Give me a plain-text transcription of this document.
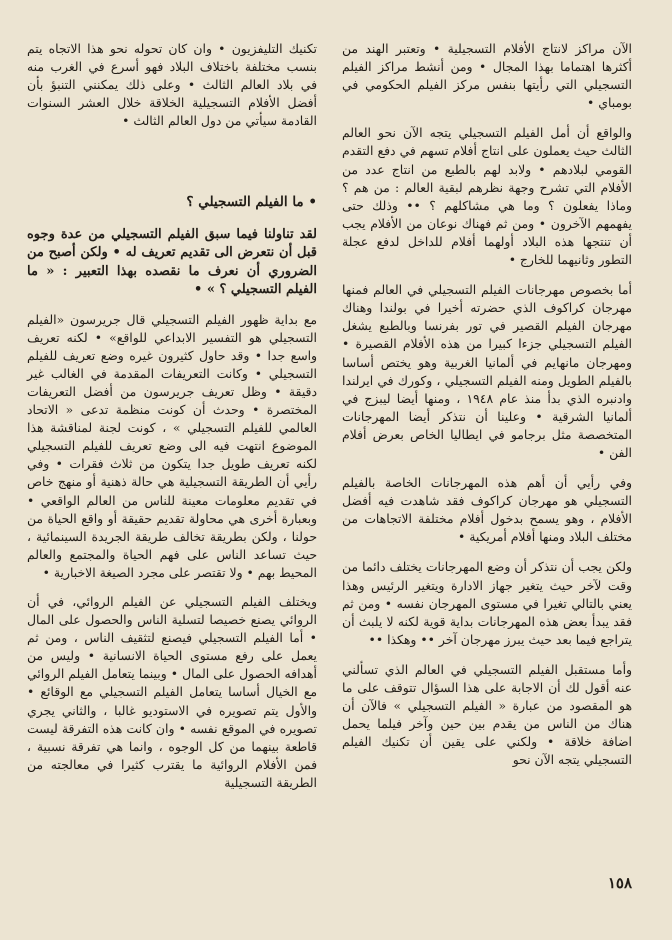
الآن مراكز لانتاج الأفلام التسجيلية • وتعتبر الهند من أكثرها اهتماما بهذا المجال • ومن أنشط مراكز الفيلم التسجيلي التي رأيتها بنفس مركز الفيلم الحكومي في بومباي •

والواقع أن أمل الفيلم التسجيلي يتجه الآن نحو العالم الثالث حيث يعملون على انتاج أفلام تسهم في دفع التقدم القومي لبلادهم • ولابد لهم بالطبع من انتاج عدد من الأفلام التي تشرح وجهة نظرهم لبقية العالم : من هم ؟ وماذا يفعلون ؟ وما هي مشاكلهم ؟ •• وذلك حتى يفهمهم الآخرون • ومن ثم فهناك نوعان من الأفلام يجب أن تنتجها هذه البلاد أولهما أفلام للداخل لدفع عجلة التطور وثانيهما للخارج •

أما بخصوص مهرجانات الفيلم التسجيلي في العالم فمنها مهرجان كراكوف الذي حضرته أخيرا في بولندا وهناك مهرجان الفيلم القصير في تور بفرنسا وبالطبع يشغل الفيلم التسجيلي جزءا كبيرا من هذه الأفلام القصيرة • ومهرجان مانهايم في ألمانيا الغربية وهو يختص أساسا بالفيلم الطويل ومنه الفيلم التسجيلي ، وكورك في ايرلندا وادنبره الذي بدأ منذ عام ١٩٤٨ ، ومنها أيضا ليبزج في ألمانيا الشرقية • وعلينا أن نتذكر أيضا المهرجانات المتخصصة مثل برجامو في ايطاليا الخاص بعرض أفلام الفن •

وفي رأيي أن أهم هذه المهرجانات الخاصة بالفيلم التسجيلي هو مهرجان كراكوف فقد شاهدت فيه أفضل الأفلام ، وهو يسمح بدخول أفلام مختلفة الاتجاهات من مختلف البلاد ومنها أفلام أمريكية •

ولكن يجب أن نتذكر أن وضع المهرجانات يختلف دائما من وقت لآخر حيث يتغير جهاز الادارة ويتغير الرئيس وهذا يعني بالتالي تغيرا في مستوى المهرجان نفسه • ومن ثم فقد يبدأ بعض هذه المهرجانات بداية قوية لكنه لا يلبث أن يتراجع فيما بعد حيث يبرز مهرجان آخر •• وهكذا ••

وأما مستقبل الفيلم التسجيلي في العالم الذي تسألني عنه أقول لك أن الاجابة على هذا السؤال تتوقف على ما هو المقصود من عبارة « الفيلم التسجيلي » فالآن أن هناك من الناس من يقدم بين حين وآخر فيلما يحمل اضافة خلاقة • ولكني على يقين أن تكنيك الفيلم التسجيلي يتجه الآن نحو

تكنيك التليفزيون • وان كان تحوله نحو هذا الاتجاه يتم بنسب مختلفة باختلاف البلاد فهو أسرع في الغرب منه في بلاد العالم الثالث • وعلى ذلك يمكنني التنبؤ بأن أفضل الأفلام التسجيلية الخلاقة خلال العشر السنوات القادمة سيأتي من دول العالم الثالث •

• ما الفيلم التسجيلي ؟

لقد تناولنا فيما سبق الفيلم التسجيلي من عدة وجوه قبل أن نتعرض الى تقديم تعريف له • ولكن أصبح من الضروري أن نعرف ما نقصده بهذا التعبير : « ما الفيلم التسجيلي ؟ » •

مع بداية ظهور الفيلم التسجيلي قال جريرسون «الفيلم التسجيلي هو التفسير الابداعي للواقع» • لكنه تعريف واسع جدا • وقد حاول كثيرون غيره وضع تعريف للفيلم التسجيلي • وكانت التعريفات المقدمة في الغالب غير دقيقة • وظل تعريف جريرسون من أفضل التعريفات المختصرة • وحدث أن كونت منظمة تدعى « الاتحاد العالمي للفيلم التسجيلي » ، كونت لجنة لمناقشة هذا الموضوع انتهت فيه الى وضع تعريف للفيلم التسجيلي لكنه تعريف طويل جدا يتكون من ثلاث فقرات • وفي رأيي أن الطريقة التسجيلية هي حالة ذهنية أو منهج خاص في تقديم معلومات معينة للناس من العالم الواقعي • وبعبارة أخرى هي محاولة تقديم حقيقة أو واقع الحياة من حولنا ، ولكن بطريقة تخالف طريقة الجريدة السينمائية ، حيث تساعد الناس على فهم الحياة والمجتمع والعالم المحيط بهم • ولا تقتصر على مجرد الصيغة الاخبارية •

ويختلف الفيلم التسجيلي عن الفيلم الروائي، في أن الروائي يصنع خصيصا لتسلية الناس والحصول على المال • أما الفيلم التسجيلي فيصنع لتثقيف الناس ، ومن ثم يعمل على رفع مستوى الحياة الانسانية • وليس من أهدافه الحصول على المال • وبينما يتعامل الفيلم الروائي مع الخيال أساسا يتعامل الفيلم التسجيلي مع الوقائع • والأول يتم تصويره في الاستوديو غالبا ، والثاني يجري تصويره في الموقع نفسه • وان كانت هذه التفرقة ليست قاطعة بينهما من كل الوجوه ، وانما هي تفرقة نسبية ، فمن الأفلام الروائية ما يقترب كثيرا في معالجته من الطريقة التسجيلية

١٥٨
